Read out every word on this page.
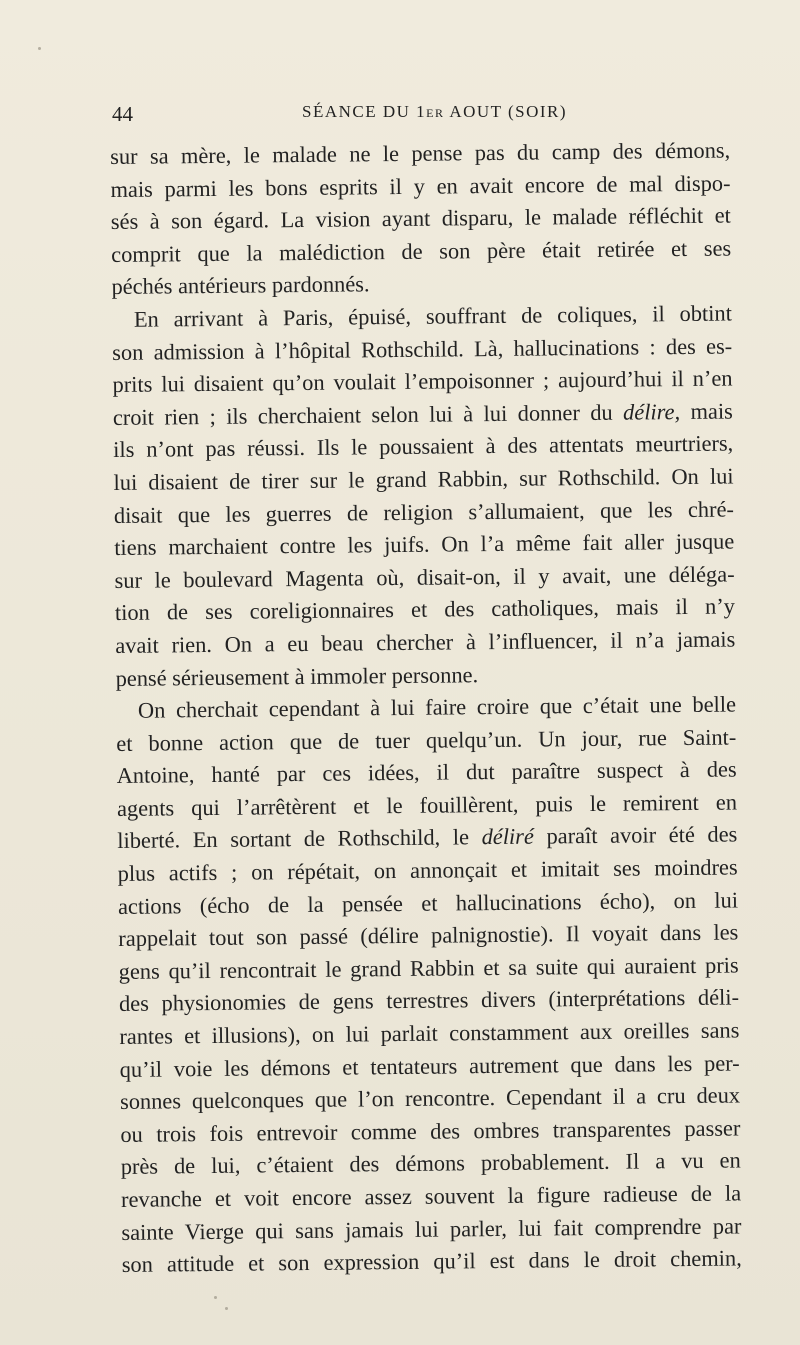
44	SÉANCE DU 1er AOUT (SOIR)

sur sa mère, le malade ne le pense pas du camp des démons,

mais parmi les bons esprits il y en avait encore de mal dispo-

sés à son égard. La vision ayant disparu, le malade réfléchit et

comprit que la malédiction de son père était retirée et ses

péchés antérieurs pardonnés.

En arrivant à Paris, épuisé, souffrant de coliques, il obtint

son admission à l’hôpital Rothschild. Là, hallucinations : des es-

prits lui disaient qu’on voulait l’empoisonner ; aujourd’hui il n’en

croit rien ; ils cherchaient selon lui à lui donner du délire, mais

ils n’ont pas réussi. Ils le poussaient à des attentats meurtriers,

lui disaient de tirer sur le grand Rabbin, sur Rothschild. On lui

disait que les guerres de religion s’allumaient, que les chré-

tiens marchaient contre les juifs. On l’a même fait aller jusque

sur le boulevard Magenta où, disait-on, il y avait, une déléga-

tion de ses coreligionnaires et des catholiques, mais il n’y

avait rien. On a eu beau chercher à l’influencer, il n’a jamais

pensé sérieusement à immoler personne.

On cherchait cependant à lui faire croire que c’était une belle

et bonne action que de tuer quelqu’un. Un jour, rue Saint-

Antoine, hanté par ces idées, il dut paraître suspect à des

agents qui l’arrêtèrent et le fouillèrent, puis le remirent en

liberté. En sortant de Rothschild, le déliré paraît avoir été des

plus actifs ; on répétait, on annonçait et imitait ses moindres

actions (écho de la pensée et hallucinations écho), on lui

rappelait tout son passé (délire palnignostie). Il voyait dans les

gens qu’il rencontrait le grand Rabbin et sa suite qui auraient pris

des physionomies de gens terrestres divers (interprétations déli-

rantes et illusions), on lui parlait constamment aux oreilles sans

qu’il voie les démons et tentateurs autrement que dans les per-

sonnes quelconques que l’on rencontre. Cependant il a cru deux

ou trois fois entrevoir comme des ombres transparentes passer

près de lui, c’étaient des démons probablement. Il a vu en

revanche et voit encore assez souvent la figure radieuse de la

sainte Vierge qui sans jamais lui parler, lui fait comprendre par

son attitude et son expression qu’il est dans le droit chemin,
